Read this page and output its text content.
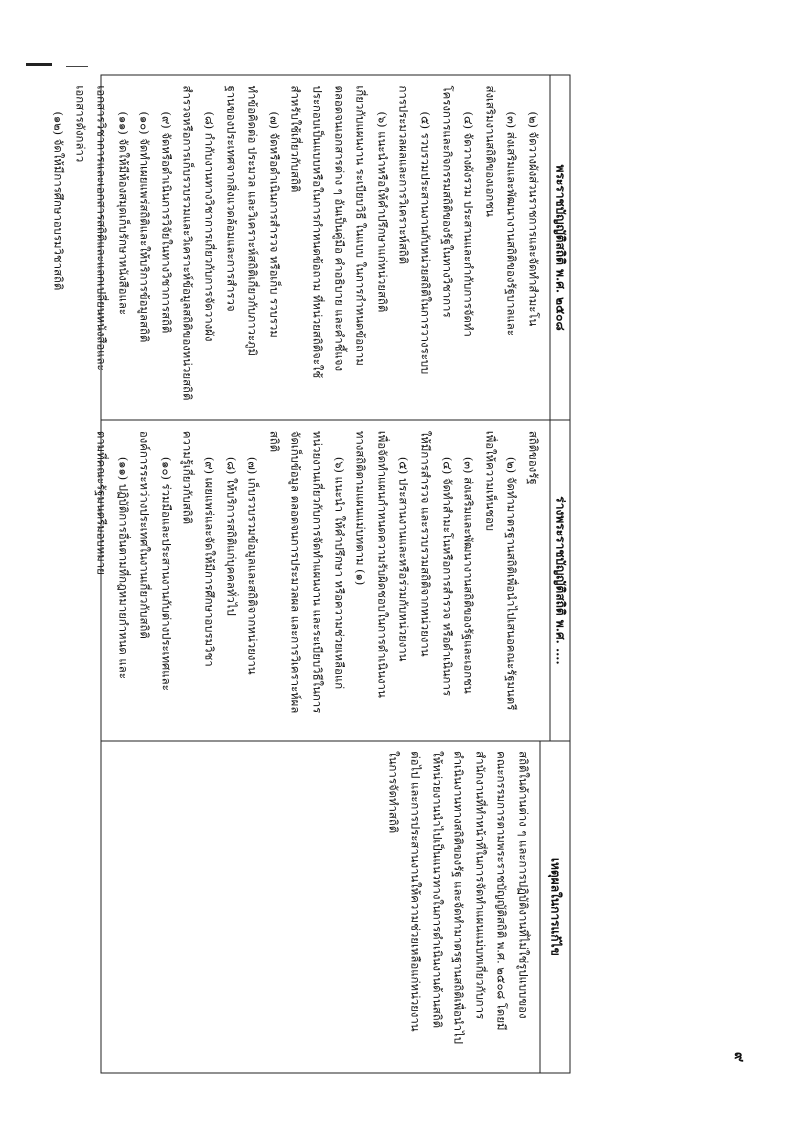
๙
พระราชบัญญัติสถิติ พ.ศ. ๒๕๐๘
(๒) จัดวางผังส่วนราชการและจัดทำสำมะโน
(๓) ส่งเสริมและพัฒนางานสถิติของรัฐบาลและ
ส่งเสริมงานสถิติของเอกชน
(๔) จัดวางผังรวม ประสานและกำกับการจัดทำ
โครงการและกิจกรรมสถิติของรัฐในทางวิชาการ
(๕) รวบรวมประสานงานกับหน่วยสถิติในการวางระบบ
การประมวลผลและการวิเคราะห์สถิติ
(๖) แนะนำหรือให้คำปรึกษาแก่หน่วยสถิติ
เกี่ยวกับแผนงาน ระเบียบวิธี ในแบบ ในการกำหนดข้อถาม
ตลอดจนเอกสารต่าง ๆ อันเป็นคู่มือ คำอธิบาย และคำชี้แจง
ประกอบเป็นแบบหรือในการกำหนดข้อถาม ที่หน่วยสถิติจะใช้
สำหรับใช้เกี่ยวกับสถิติ
(๗) จัดหรือดำเนินการสำรวจ หรือเก็บ รวบรวม
ทำข้อคิดต่อ ประมวล และวิเคราะห์สถิติเกี่ยวกับภาวะภูมิ
ฐานของประเทศจากสิ่งแวดล้อมและการสำรวจ
(๘) กำกับงานทางวิชาการเกี่ยวกับการจัดวางผัง
สำรวจหรือการเก็บรวบรวมและวิเคราะห์ข้อมูลสถิติของหน่วยสถิติ
(๙) จัดหรือดำเนินการวิจัยในทางวิชาการสถิติ
(๑๐) จัดทำเผยแพร่สถิติและให้บริการข้อมูลสถิติ
(๑๑) จัดให้มีห้องสมุดเก็บรักษาหนังสือและ
เอกสารวิชาการและเอกสารสถิติและแลกเปลี่ยนหนังสือและ
เอกสารดังกล่าว
(๑๒) จัดให้มีการศึกษาอบรมวิชาสถิติ
ร่างพระราชบัญญัติสถิติ พ.ศ. ....
สถิติของรัฐ
(๒) จัดทำมาตรฐานสถิติเพื่อนำไปเสนอคณะรัฐมนตรี
เพื่อให้ความเห็นชอบ
(๓) ส่งเสริมและพัฒนางานสถิติของรัฐและเอกชน
(๔) จัดทำสำมะโนหรือการสำรวจ หรือดำเนินการ
ให้มีการสำรวจ และรวบรวมสถิติจากหน่วยงาน
(๕) ประสานงานและหรือร่วมกับหน่วยงาน
เพื่อจัดทำแผนกำหนดความรับผิดชอบในการดำเนินงาน
ทางสถิติตามแผนแม่บทตาม (๑)
(๖) แนะนำ ให้คำปรึกษา หรือความช่วยเหลือแก่
หน่วยงานเกี่ยวกับการจัดทำแผนงาน และระเบียบวิธีในการ
จัดเก็บข้อมูล ตลอดจนการประมวลผล และการวิเคราะห์ผล
สถิติ
(๗) เก็บรวบรวมข้อมูลและสถิติจากหน่วยงาน
(๘) ให้บริการสถิติแก่บุคคลทั่วไป
(๙) เผยแพร่และจัดให้มีการศึกษาอบรมวิชา
ความรู้เกี่ยวกับสถิติ
(๑๐) ร่วมมือและประสานงานกับต่างประเทศและ
องค์การระหว่างประเทศในงานเกี่ยวกับสถิติ
(๑๑) ปฏิบัติการอื่นตามที่กฎหมายกำหนด และ
ตามที่คณะรัฐมนตรีมอบหมาย
เหตุผลในการแก้ไข
สถิติในด้านต่าง ๆ และการปฏิบัติงานที่ไม่ใช่รูปแบบของ
คณะกรรมการตามพระราชบัญญัติสถิติ พ.ศ. ๒๕๐๘ โดยมี
สำนักงานที่ทำหน้าที่ในการจัดทำแผนแม่บทเกี่ยวกับการ
ดำเนินงานทางสถิติของรัฐ และจัดทำมาตรฐานสถิติเพื่อนำไป
ให้หน่วยงานนำไปเป็นแนวทางในการดำเนินงานด้านสถิติ
ต่อไป และการประสานงานให้ความช่วยเหลือแก่หน่วยงาน
ในการจัดทำสถิติ
